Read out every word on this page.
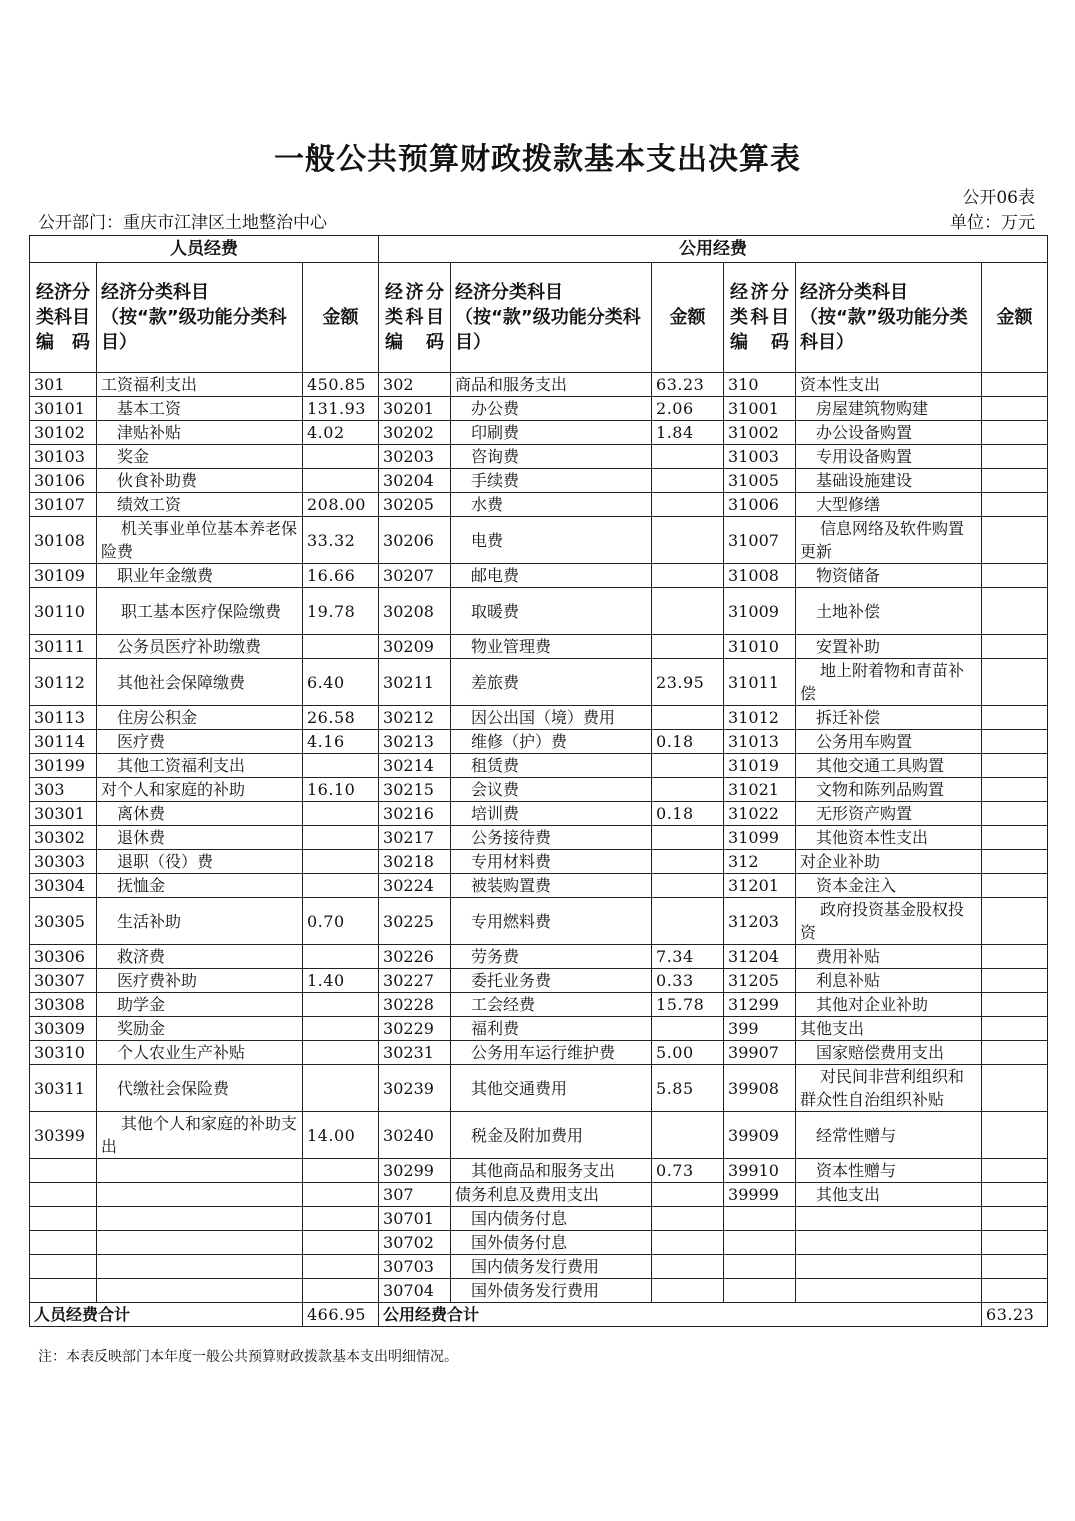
一般公共预算财政拨款基本支出决算表
公开06表
公开部门：重庆市江津区土地整治中心	单位：万元
人员经费			公用经费					
经济分类科目编码	经济分类科目（按“款”级功能分类科目）	金额	经济分类科目编码	经济分类科目（按“款”级功能分类科目）	金额	经济分类科目编码	经济分类科目（按“款”级功能分类科目）	金额
301	工资福利支出	450.85	302	商品和服务支出	63.23	310	资本性支出	
30101	基本工资	131.93	30201	办公费	2.06	31001	房屋建筑物购建	
30102	津贴补贴	4.02	30202	印刷费	1.84	31002	办公设备购置	
30103	奖金		30203	咨询费		31003	专用设备购置	
30106	伙食补助费		30204	手续费		31005	基础设施建设	
30107	绩效工资	208.00	30205	水费		31006	大型修缮	
30108	机关事业单位基本养老保险费	33.32	30206	电费		31007	信息网络及软件购置更新	
30109	职业年金缴费	16.66	30207	邮电费		31008	物资储备	
30110	职工基本医疗保险缴费	19.78	30208	取暖费		31009	土地补偿	
30111	公务员医疗补助缴费		30209	物业管理费		31010	安置补助	
30112	其他社会保障缴费	6.40	30211	差旅费	23.95	31011	地上附着物和青苗补偿	
30113	住房公积金	26.58	30212	因公出国（境）费用		31012	拆迁补偿	
30114	医疗费	4.16	30213	维修（护）费	0.18	31013	公务用车购置	
30199	其他工资福利支出		30214	租赁费		31019	其他交通工具购置	
303	对个人和家庭的补助	16.10	30215	会议费		31021	文物和陈列品购置	
30301	离休费		30216	培训费	0.18	31022	无形资产购置	
30302	退休费		30217	公务接待费		31099	其他资本性支出	
30303	退职（役）费		30218	专用材料费		312	对企业补助	
30304	抚恤金		30224	被装购置费		31201	资本金注入	
30305	生活补助	0.70	30225	专用燃料费		31203	政府投资基金股权投资	
30306	救济费		30226	劳务费	7.34	31204	费用补贴	
30307	医疗费补助	1.40	30227	委托业务费	0.33	31205	利息补贴	
30308	助学金		30228	工会经费	15.78	31299	其他对企业补助	
30309	奖励金		30229	福利费		399	其他支出	
30310	个人农业生产补贴		30231	公务用车运行维护费	5.00	39907	国家赔偿费用支出	
30311	代缴社会保险费		30239	其他交通费用	5.85	39908	对民间非营利组织和群众性自治组织补贴	
30399	其他个人和家庭的补助支出	14.00	30240	税金及附加费用		39909	经常性赠与	
			30299	其他商品和服务支出	0.73	39910	资本性赠与	
			307	债务利息及费用支出		39999	其他支出	
			30701	国内债务付息				
			30702	国外债务付息				
			30703	国内债务发行费用				
			30704	国外债务发行费用				
人员经费合计		466.95	公用经费合计					63.23
注：本表反映部门本年度一般公共预算财政拨款基本支出明细情况。
